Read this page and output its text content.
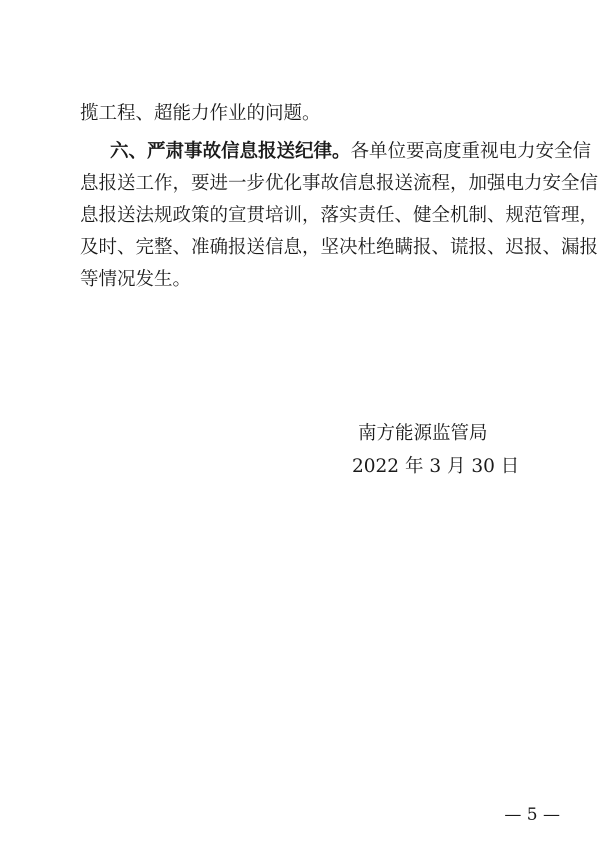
揽工程、超能力作业的问题。
六、严肃事故信息报送纪律。各单位要高度重视电力安全信
息报送工作，要进一步优化事故信息报送流程，加强电力安全信
息报送法规政策的宣贯培训，落实责任、健全机制、规范管理，
及时、完整、准确报送信息，坚决杜绝瞒报、谎报、迟报、漏报
等情况发生。
南方能源监管局
2022 年 3 月 30 日
— 5 —
